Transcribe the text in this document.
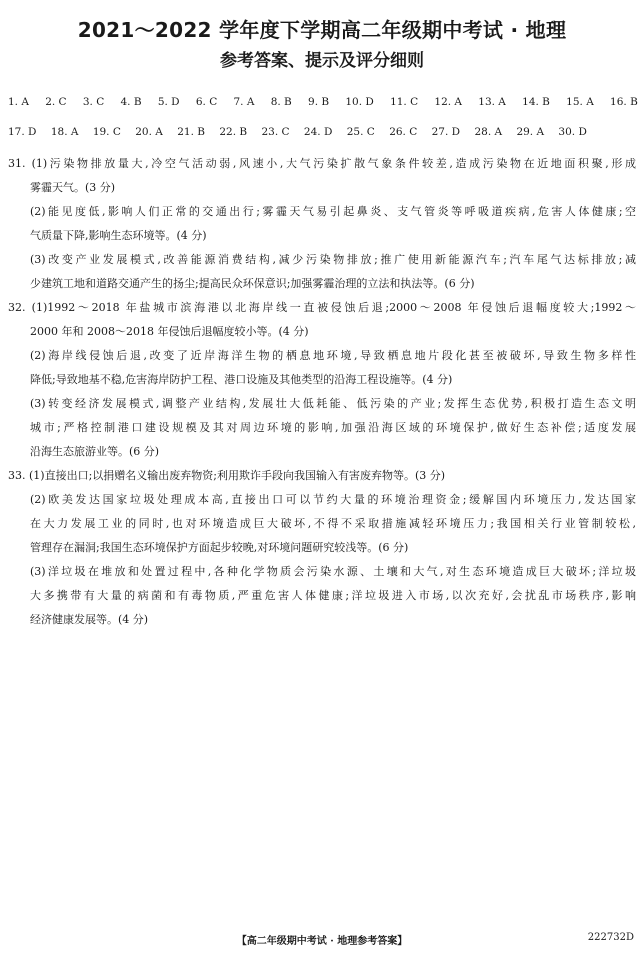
2021～2022 学年度下学期高二年级期中考试 · 地理
参考答案、提示及评分细则
1. A 2. C 3. C 4. B 5. D 6. C 7. A 8. B 9. B 10. D 11. C 12. A 13. A 14. B 15. A 16. B
17. D 18. A 19. C 20. A 21. B 22. B 23. C 24. D 25. C 26. C 27. D 28. A 29. A 30. D
31. (1)污染物排放量大,冷空气活动弱,风速小,大气污染扩散气象条件较差,造成污染物在近地面积聚,形成
雾霾天气。(3 分)
(2)能见度低,影响人们正常的交通出行;雾霾天气易引起鼻炎、支气管炎等呼吸道疾病,危害人体健康;空
气质量下降,影响生态环境等。(4 分)
(3)改变产业发展模式,改善能源消费结构,减少污染物排放;推广使用新能源汽车;汽车尾气达标排放;减
少建筑工地和道路交通产生的扬尘;提高民众环保意识;加强雾霾治理的立法和执法等。(6 分)
32. (1)1992～2018 年盐城市滨海港以北海岸线一直被侵蚀后退;2000～2008 年侵蚀后退幅度较大;1992～
2000 年和 2008～2018 年侵蚀后退幅度较小等。(4 分)
(2)海岸线侵蚀后退,改变了近岸海洋生物的栖息地环境,导致栖息地片段化甚至被破坏,导致生物多样性
降低;导致地基不稳,危害海岸防护工程、港口设施及其他类型的沿海工程设施等。(4 分)
(3)转变经济发展模式,调整产业结构,发展壮大低耗能、低污染的产业;发挥生态优势,积极打造生态文明
城市;严格控制港口建设规模及其对周边环境的影响,加强沿海区域的环境保护,做好生态补偿;适度发展
沿海生态旅游业等。(6 分)
33. (1)直接出口;以捐赠名义输出废弃物资;利用欺诈手段向我国输入有害废弃物等。(3 分)
(2)欧美发达国家垃圾处理成本高,直接出口可以节约大量的环境治理资金;缓解国内环境压力,发达国家
在大力发展工业的同时,也对环境造成巨大破坏,不得不采取措施减轻环境压力;我国相关行业管制较松,
管理存在漏洞;我国生态环境保护方面起步较晚,对环境问题研究较浅等。(6 分)
(3)洋垃圾在堆放和处置过程中,各种化学物质会污染水源、土壤和大气,对生态环境造成巨大破坏;洋垃圾
大多携带有大量的病菌和有毒物质,严重危害人体健康;洋垃圾进入市场,以次充好,会扰乱市场秩序,影响
经济健康发展等。(4 分)
【高二年级期中考试 · 地理参考答案】	222732D
